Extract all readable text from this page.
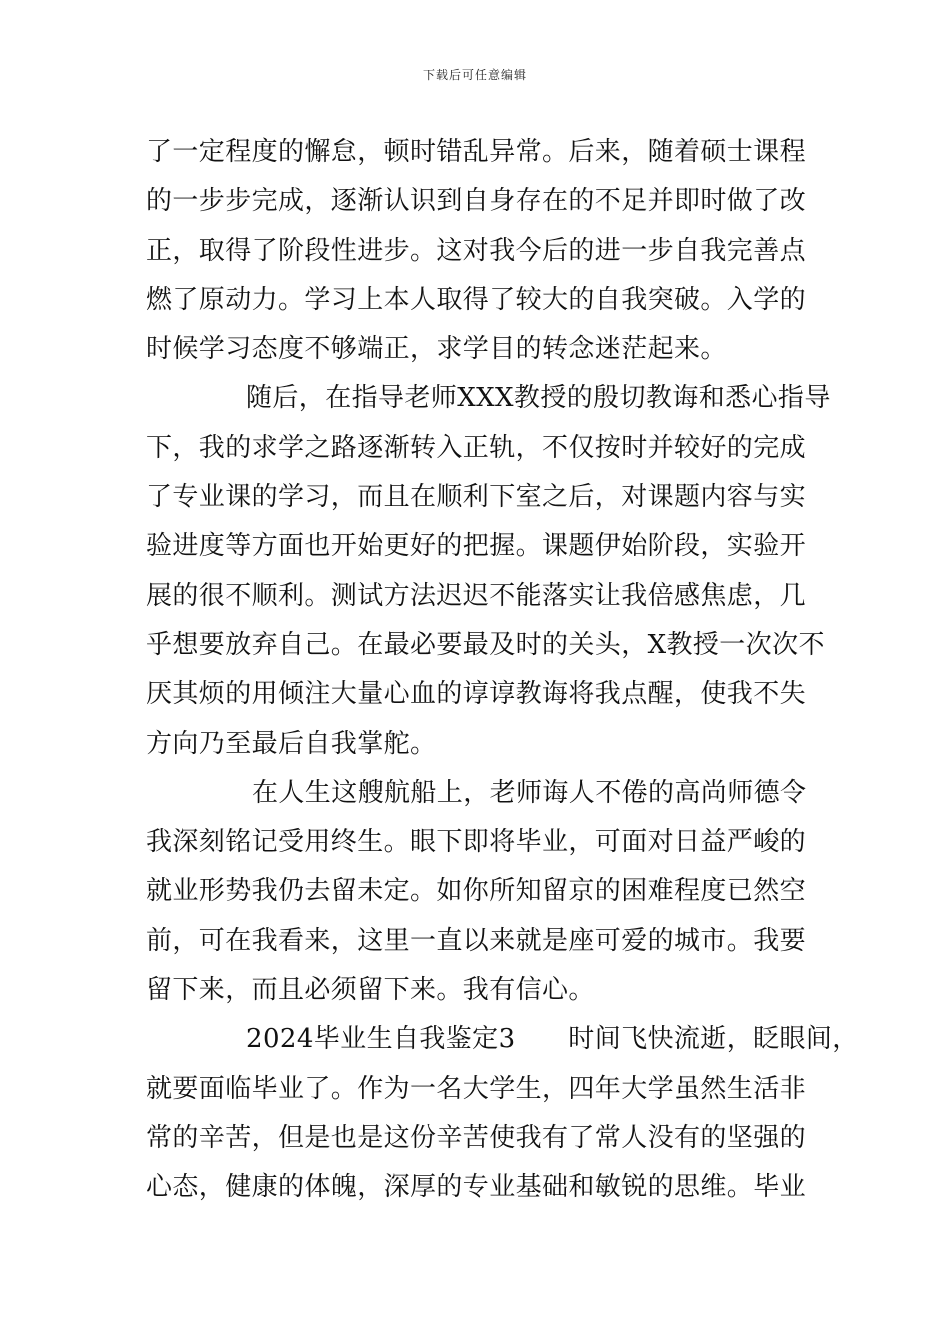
下载后可任意编辑
了一定程度的懈怠，顿时错乱异常。后来，随着硕士课程
的一步步完成，逐渐认识到自身存在的不足并即时做了改
正，取得了阶段性进步。这对我今后的进一步自我完善点
燃了原动力。学习上本人取得了较大的自我突破。入学的
时候学习态度不够端正，求学目的转念迷茫起来。
随后，在指导老师XXX教授的殷切教诲和悉心指导
下，我的求学之路逐渐转入正轨，不仅按时并较好的完成
了专业课的学习，而且在顺利下室之后，对课题内容与实
验进度等方面也开始更好的把握。课题伊始阶段，实验开
展的很不顺利。测试方法迟迟不能落实让我倍感焦虑，几
乎想要放弃自己。在最必要最及时的关头，X教授一次次不
厌其烦的用倾注大量心血的谆谆教诲将我点醒，使我不失
方向乃至最后自我掌舵。
在人生这艘航船上，老师诲人不倦的高尚师德令
我深刻铭记受用终生。眼下即将毕业，可面对日益严峻的
就业形势我仍去留未定。如你所知留京的困难程度已然空
前，可在我看来，这里一直以来就是座可爱的城市。我要
留下来，而且必须留下来。我有信心。
2024毕业生自我鉴定3　　时间飞快流逝，眨眼间，
就要面临毕业了。作为一名大学生，四年大学虽然生活非
常的辛苦，但是也是这份辛苦使我有了常人没有的坚强的
心态，健康的体魄，深厚的专业基础和敏锐的思维。毕业
